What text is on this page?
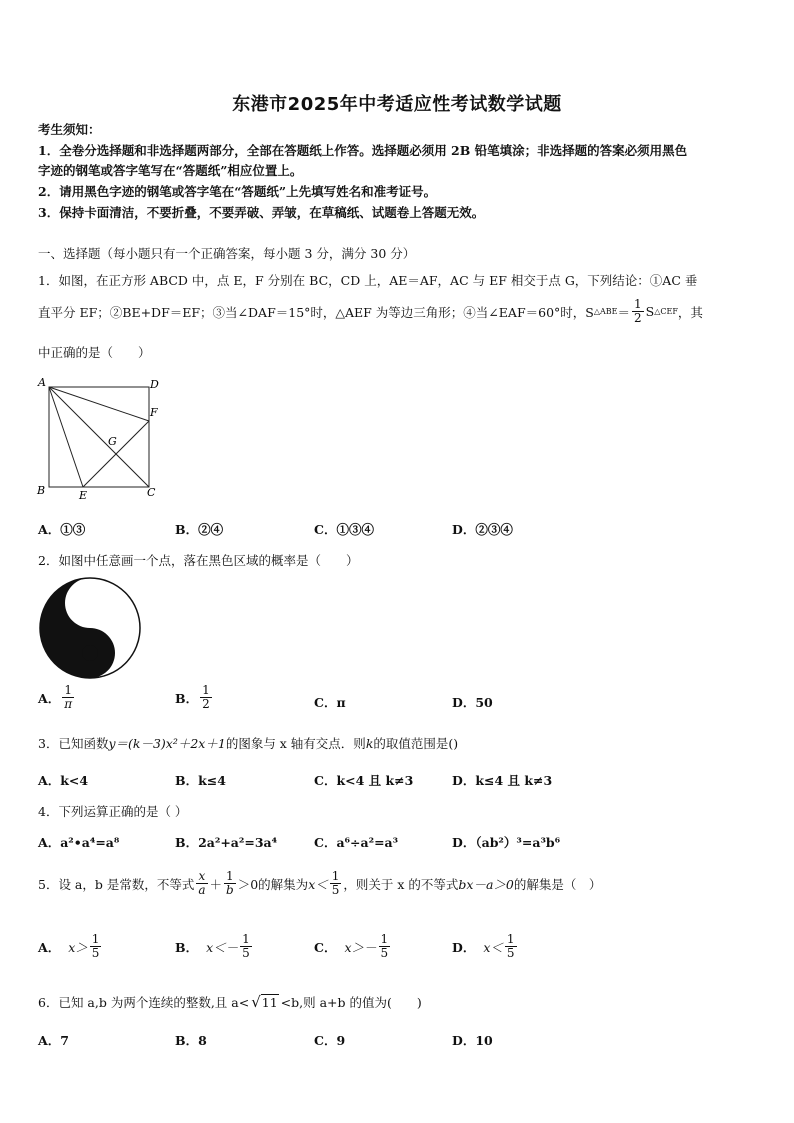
东港市2025年中考适应性考试数学试题
考生须知：
1．全卷分选择题和非选择题两部分，全部在答题纸上作答。选择题必须用 2B 铅笔填涂；非选择题的答案必须用黑色
字迹的钢笔或答字笔写在“答题纸”相应位置上。
2．请用黑色字迹的钢笔或答字笔在“答题纸”上先填写姓名和准考证号。
3．保持卡面清洁，不要折叠，不要弄破、弄皱，在草稿纸、试题卷上答题无效。
一、选择题（每小题只有一个正确答案，每小题 3 分，满分 30 分）
1．如图，在正方形 ABCD 中，点 E，F 分别在 BC，CD 上，AE＝AF，AC 与 EF 相交于点 G，下列结论：①AC 垂
直平分 EF；②BE+DF＝EF；③当∠DAF＝15°时，△AEF 为等边三角形；④当∠EAF＝60°时，S △ABE ＝ $\frac{1}{2}$ S △CEF ，其
中正确的是（　　）
A	D
F
G
B	E	C
A．①③	B．②④	C．①③④	D．②③④
2．如图中任意画一个点，落在黑色区域的概率是（　　）
A． $\frac{1}{\pi}$	B． $\frac{1}{2}$	C．π	D．50
3．已知函数y＝(k－3)x²＋2x＋1的图象与 x 轴有交点．则k的取值范围是()
A．k<4	B．k≤4	C．k<4 且 k≠3	D．k≤4 且 k≠3
4．下列运算正确的是（ ）
A．a²•a⁴=a⁸	B．2a²+a²=3a⁴	C．a⁶÷a²=a³	D．（ab²）³=a³b⁶
5．设 a，b 是常数，不等式 $\frac{x}{a} + \frac{1}{b} >0$ 的解集为 $x< \frac{1}{5}$ ，则关于 x 的不等式 bx－a＞0 的解集是（　）
A． $x> \frac{1}{5}$	B． $x<- \frac{1}{5}$	C． $x>- \frac{1}{5}$	D． $x< \frac{1}{5}$
6．已知 a,b 为两个连续的整数,且 a< √ 11 <b,则 a+b 的值为(　　)
A．7	B．8	C．9	D．10
